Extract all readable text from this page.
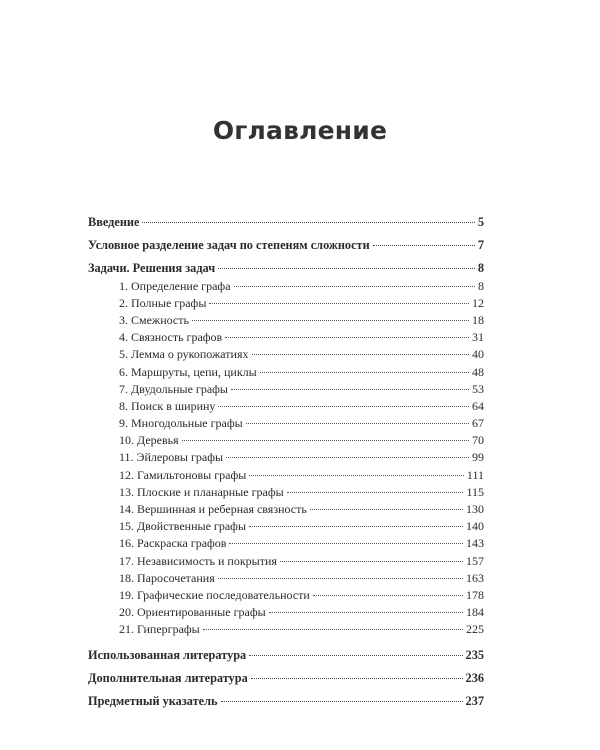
Оглавление
Введение	5
Условное разделение задач по степеням сложности	7
Задачи. Решения задач	8
1. Определение графа	8
2. Полные графы	12
3. Смежность	18
4. Связность графов	31
5. Лемма о рукопожатиях	40
6. Маршруты, цепи, циклы	48
7. Двудольные графы	53
8. Поиск в ширину	64
9. Многодольные графы	67
10. Деревья	70
11. Эйлеровы графы	99
12. Гамильтоновы графы	111
13. Плоские и планарные графы	115
14. Вершинная и реберная связность	130
15. Двойственные графы	140
16. Раскраска графов	143
17. Независимость и покрытия	157
18. Паросочетания	163
19. Графические последовательности	178
20. Ориентированные графы	184
21. Гиперграфы	225
Использованная литература	235
Дополнительная литература	236
Предметный указатель	237
